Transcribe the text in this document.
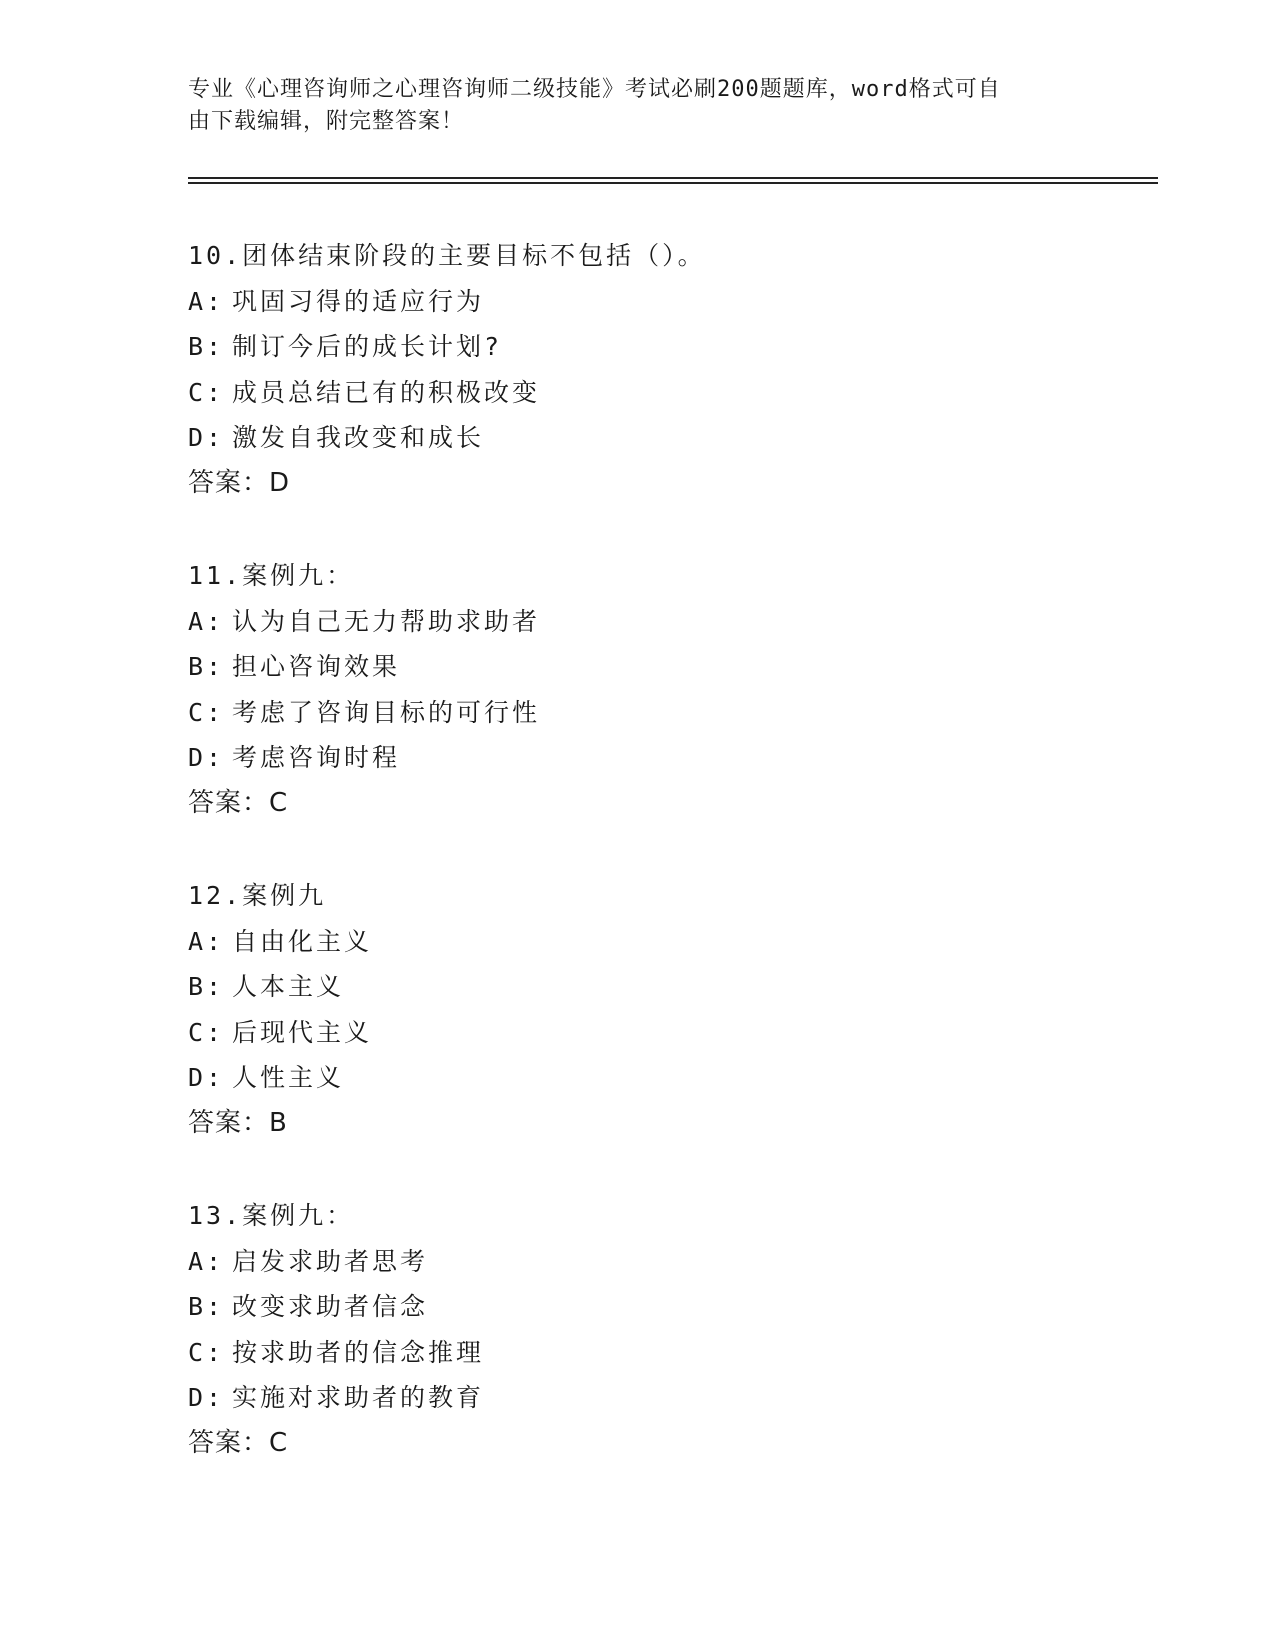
专业《心理咨询师之心理咨询师二级技能》考试必刷200题题库，word格式可自
由下载编辑，附完整答案！
10.团体结束阶段的主要目标不包括（）。
A: 巩固习得的适应行为
B: 制订今后的成长计划?
C: 成员总结已有的积极改变
D: 激发自我改变和成长
答案：D
11.案例九：
A: 认为自己无力帮助求助者
B: 担心咨询效果
C: 考虑了咨询目标的可行性
D: 考虑咨询时程
答案：C
12.案例九
A: 自由化主义
B: 人本主义
C: 后现代主义
D: 人性主义
答案：B
13.案例九：
A: 启发求助者思考
B: 改变求助者信念
C: 按求助者的信念推理
D: 实施对求助者的教育
答案：C
